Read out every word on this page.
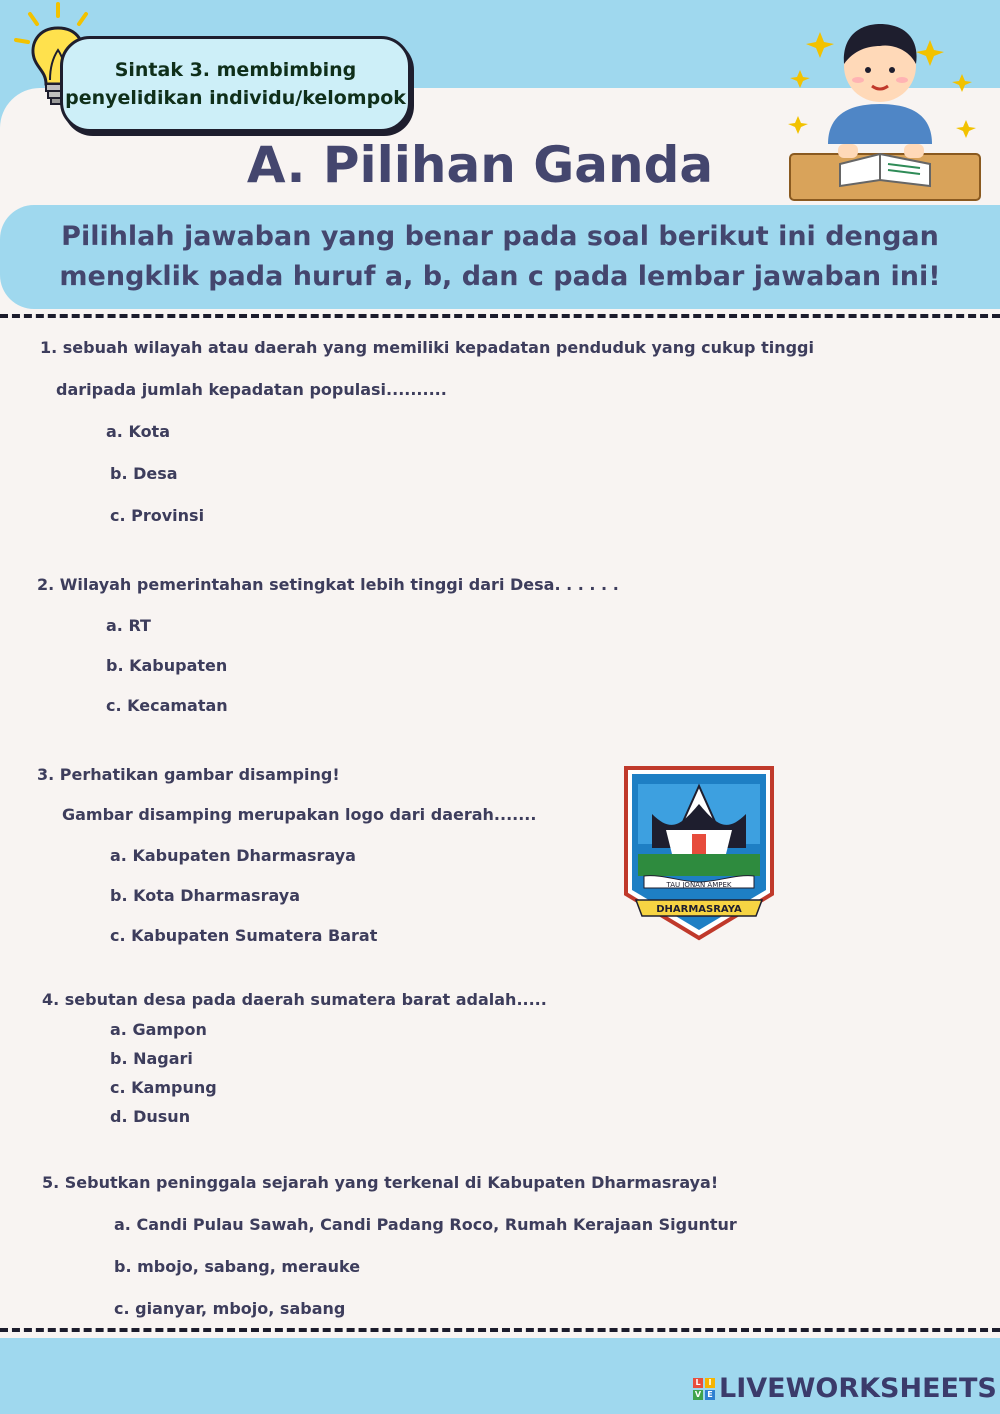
Sintak 3. membimbing
penyelidikan individu/kelompok
A. Pilihan Ganda
Pilihlah jawaban yang benar pada soal berikut ini dengan
mengklik pada huruf a, b, dan c pada lembar jawaban ini!

1. sebuah wilayah atau daerah yang memiliki kepadatan penduduk yang cukup tinggi

daripada jumlah kepadatan populasi..........

a. Kota

b. Desa

c. Provinsi

2. Wilayah pemerintahan setingkat lebih tinggi dari Desa. . . . . .

a. RT

b. Kabupaten

c. Kecamatan

3. Perhatikan gambar disamping!

Gambar disamping merupakan logo dari daerah.......

a. Kabupaten Dharmasraya

b. Kota Dharmasraya

c. Kabupaten Sumatera Barat

TAU JONAN AMPEK
DHARMASRAYA

4. sebutan desa pada daerah sumatera barat adalah.....

a. Gampon

b. Nagari

c. Kampung

d. Dusun

5. Sebutkan peninggala sejarah yang terkenal di Kabupaten Dharmasraya!

a. Candi Pulau Sawah, Candi Padang Roco, Rumah Kerajaan Siguntur

b. mbojo, sabang, merauke

c. gianyar, mbojo, sabang

L I
V E LIVEWORKSHEETS
